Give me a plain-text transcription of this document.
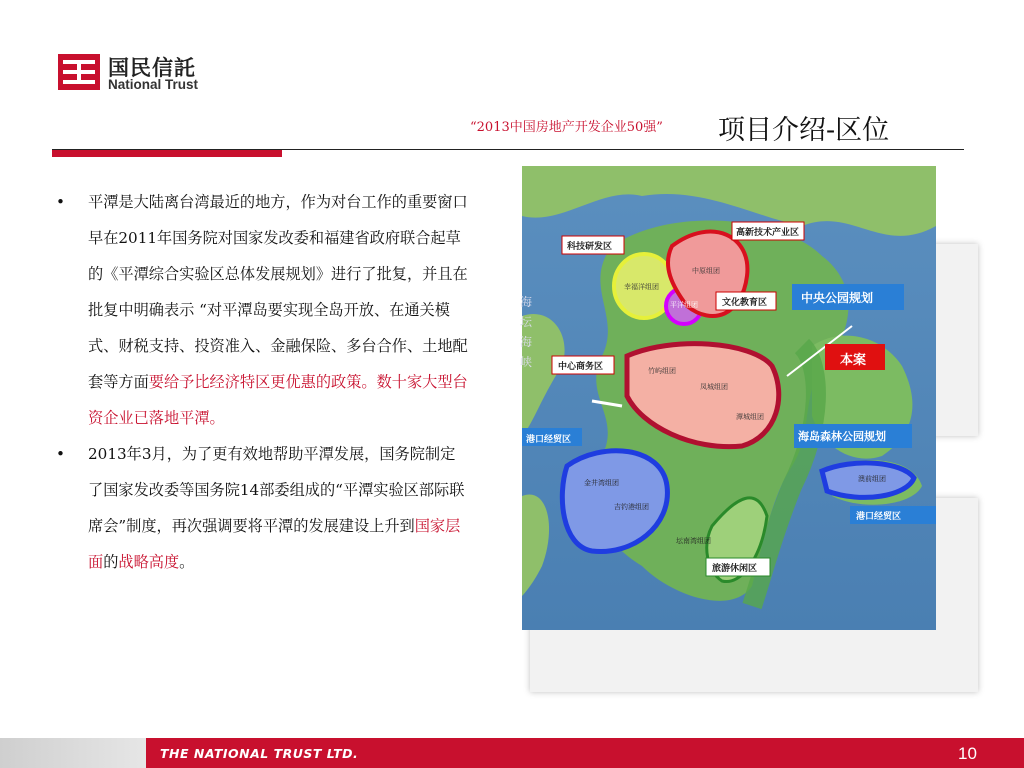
国民信託
National Trust
“2013中国房地产开发企业50强” 项目介绍-区位
• 平潭是大陆离台湾最近的地方，作为对台工作的重要窗口早在2011年国务院对国家发改委和福建省政府联合起草的《平潭综合实验区总体发展规划》进行了批复，并且在批复中明确表示 “对平潭岛要实现全岛开放、在通关模式、财税支持、投资准入、金融保险、多台合作、土地配套等方面要给予比经济特区更优惠的政策。数十家大型台资企业已落地平潭。
• 2013年3月，为了更有效地帮助平潭发展，国务院制定了国家发改委等国务院14部委组成的“平潭实验区部际联席会”制度，再次强调要将平潭的发展建设上升到国家层面的战略高度。
科技研发区
高新技术产业区
文化教育区	中央公园规划
本案
中心商务区
海岛森林公园规划
港口经贸区
港口经贸区
旅游休闲区
幸福洋组团
中原组团
平洋组团
竹屿组团
凤城组团
潭城组团
金井湾组团
吉钓港组团
坛南湾组团
澳前组团
海坛海峡
THE NATIONAL TRUST LTD.	10
